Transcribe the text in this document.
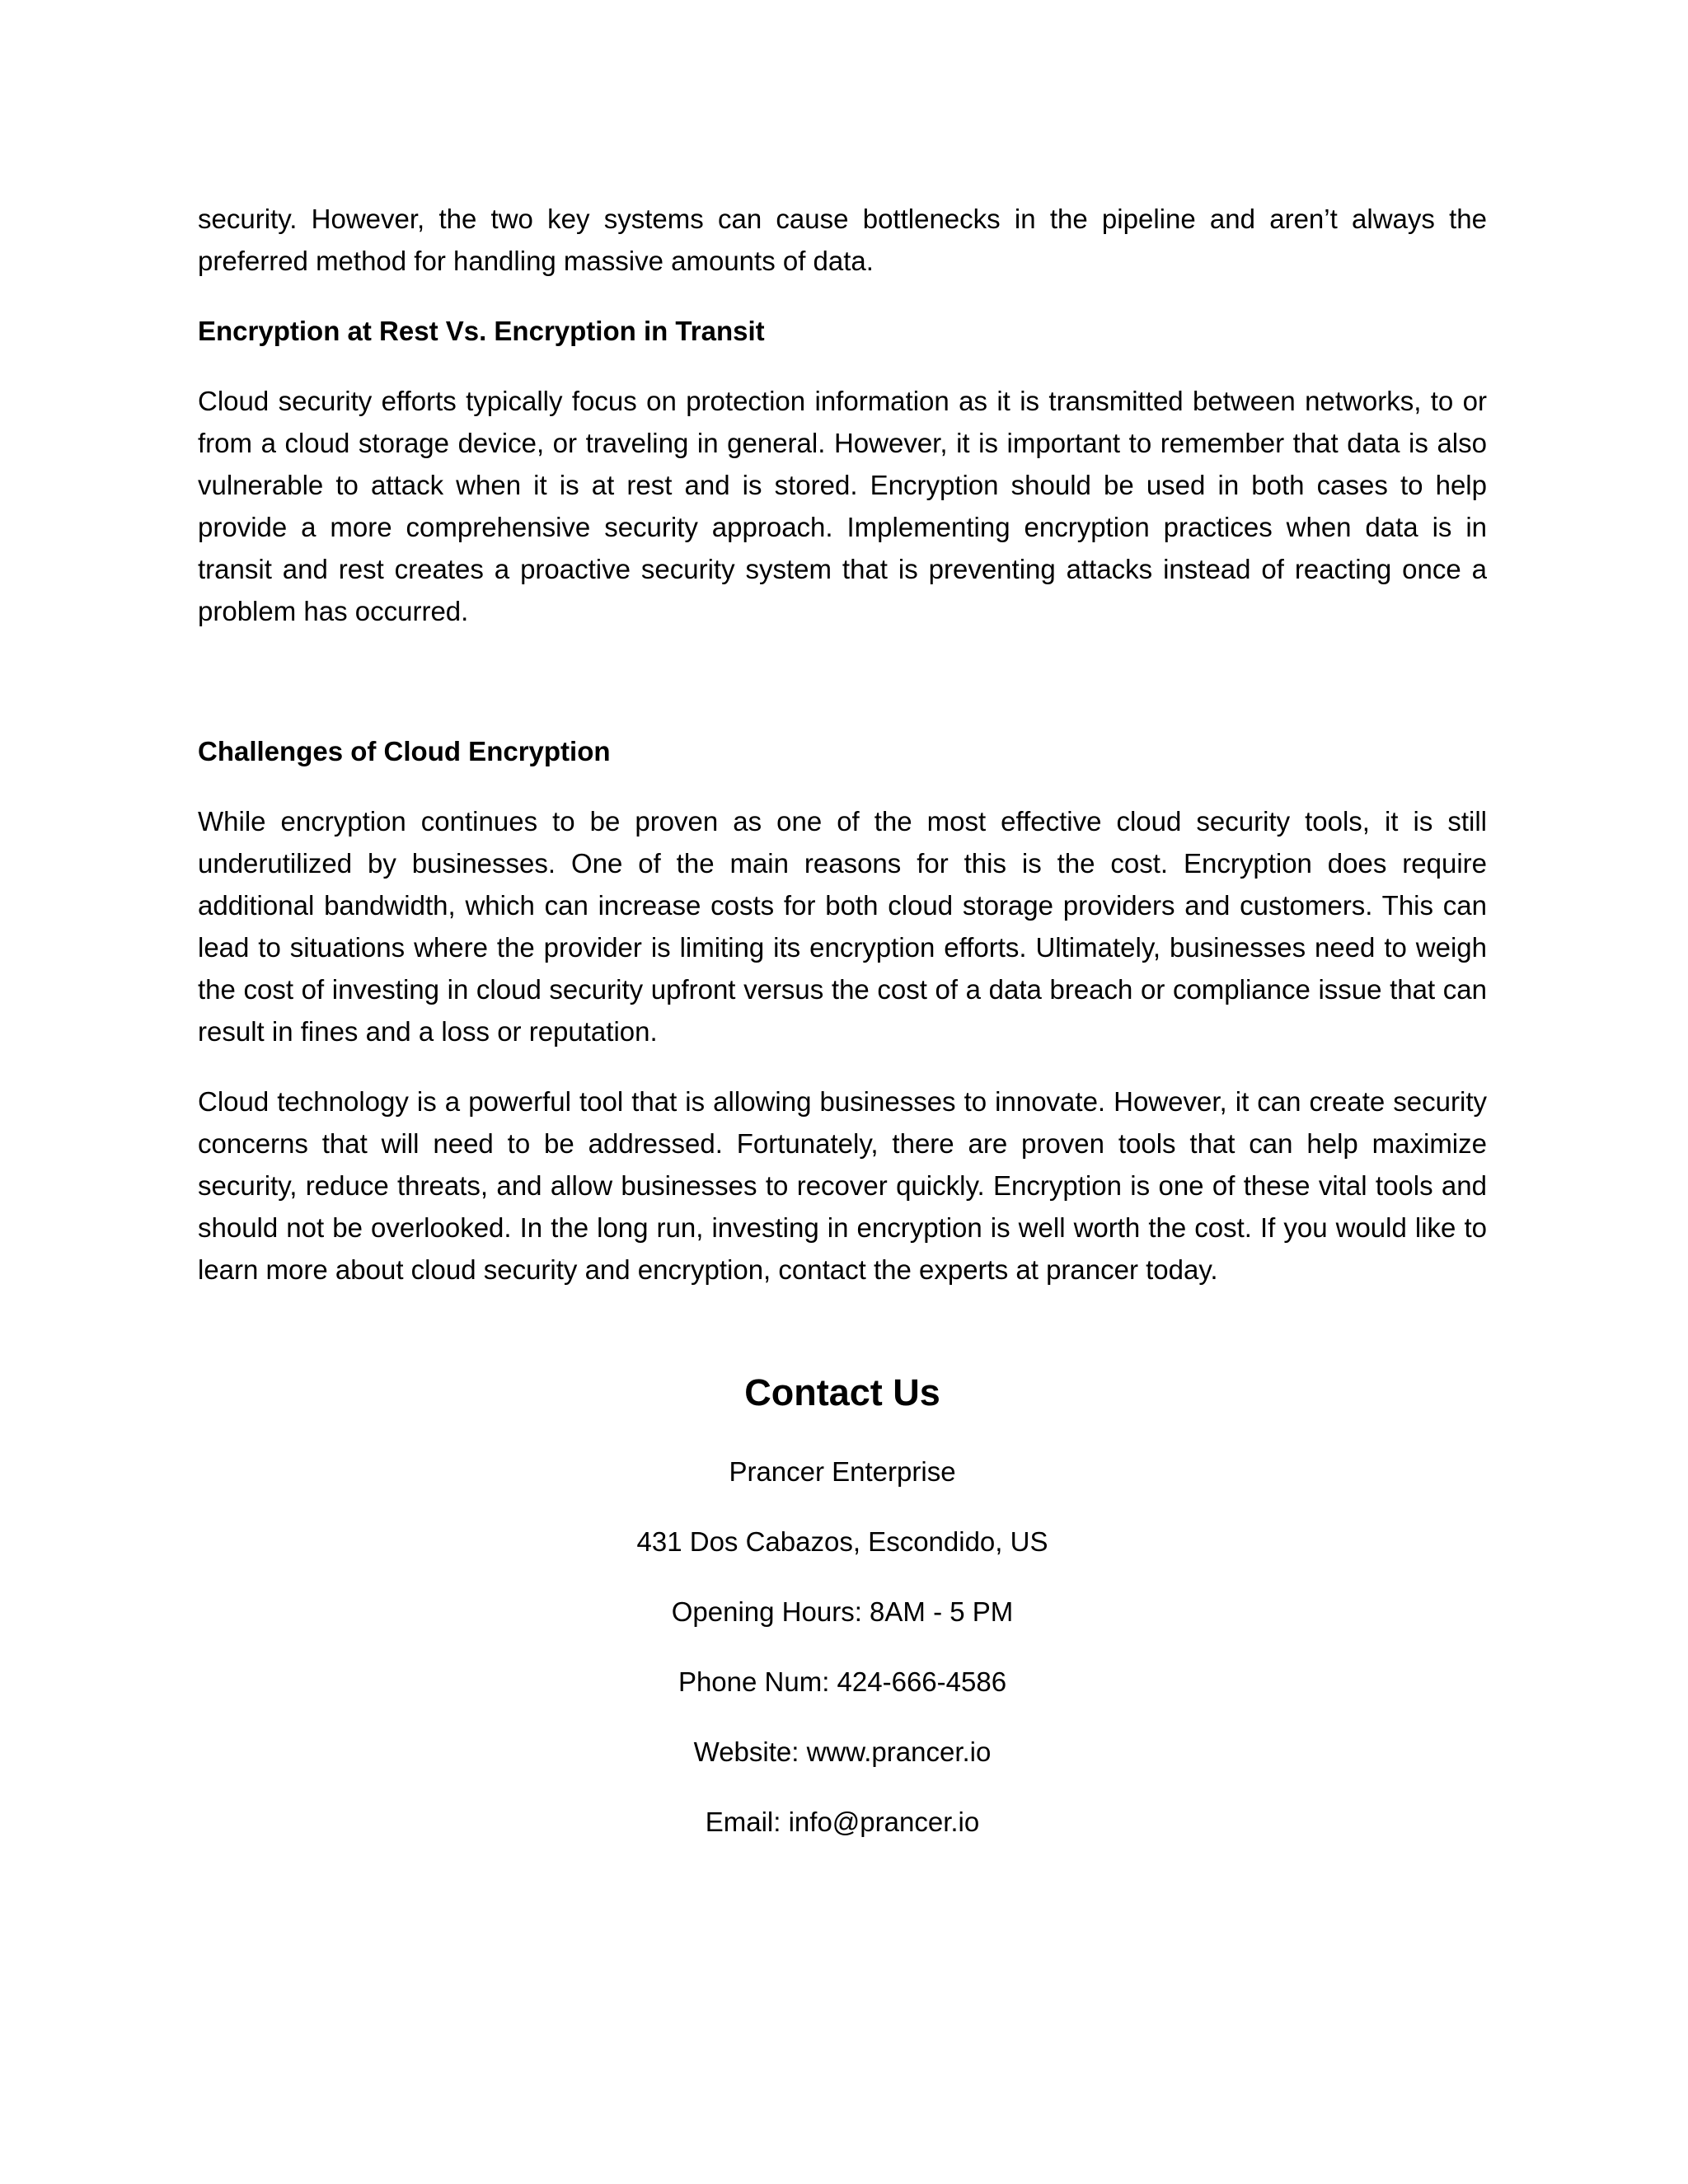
security. However, the two key systems can cause bottlenecks in the pipeline and aren’t always the preferred method for handling massive amounts of data.

Encryption at Rest Vs. Encryption in Transit

Cloud security efforts typically focus on protection information as it is transmitted between networks, to or from a cloud storage device, or traveling in general. However, it is important to remember that data is also vulnerable to attack when it is at rest and is stored. Encryption should be used in both cases to help provide a more comprehensive security approach. Implementing encryption practices when data is in transit and rest creates a proactive security system that is preventing attacks instead of reacting once a problem has occurred.

Challenges of Cloud Encryption

While encryption continues to be proven as one of the most effective cloud security tools, it is still underutilized by businesses. One of the main reasons for this is the cost. Encryption does require additional bandwidth, which can increase costs for both cloud storage providers and customers. This can lead to situations where the provider is limiting its encryption efforts. Ultimately, businesses need to weigh the cost of investing in cloud security upfront versus the cost of a data breach or compliance issue that can result in fines and a loss or reputation.

Cloud technology is a powerful tool that is allowing businesses to innovate. However, it can create security concerns that will need to be addressed. Fortunately, there are proven tools that can help maximize security, reduce threats, and allow businesses to recover quickly. Encryption is one of these vital tools and should not be overlooked. In the long run, investing in encryption is well worth the cost. If you would like to learn more about cloud security and encryption, contact the experts at prancer today.

Contact Us
Prancer Enterprise
431 Dos Cabazos, Escondido, US
Opening Hours: 8AM - 5 PM
Phone Num: 424-666-4586
Website: www.prancer.io
Email: info@prancer.io
